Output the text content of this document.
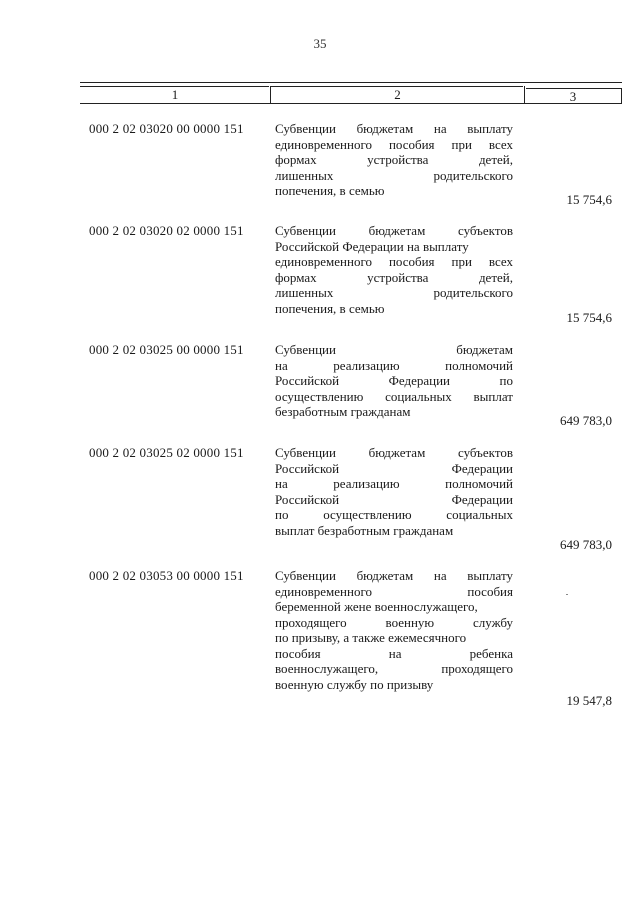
35
1	2	3
000 2 02 03020 00 0000 151 Субвенции бюджетам на выплату
единовременного пособия при всех
формах	устройства	детей,
лишенных	родительского
попечения, в семью
15 754,6
000 2 02 03020 02 0000 151 Субвенции	бюджетам	субъектов
Российской Федерации на выплату
единовременного пособия при всех
формах	устройства	детей,
лишенных	родительского
попечения, в семью
15 754,6
000 2 02 03025 00 0000 151 Субвенции	бюджетам
на	реализацию	полномочий
Российской	Федерации	по
осуществлению социальных выплат
безработным гражданам
649 783,0
000 2 02 03025 02 0000 151 Субвенции	бюджетам	субъектов
Российской	Федерации
на	реализацию	полномочий
Российской	Федерации
по	осуществлению	социальных
выплат безработным гражданам
649 783,0
000 2 02 03053 00 0000 151 Субвенции бюджетам на выплату
единовременного	пособия
беременной жене военнослужащего,
проходящего	военную	службу
по призыву, а также ежемесячного
пособия	на	ребенка
военнослужащего,	проходящего
военную службу по призыву
19 547,8
